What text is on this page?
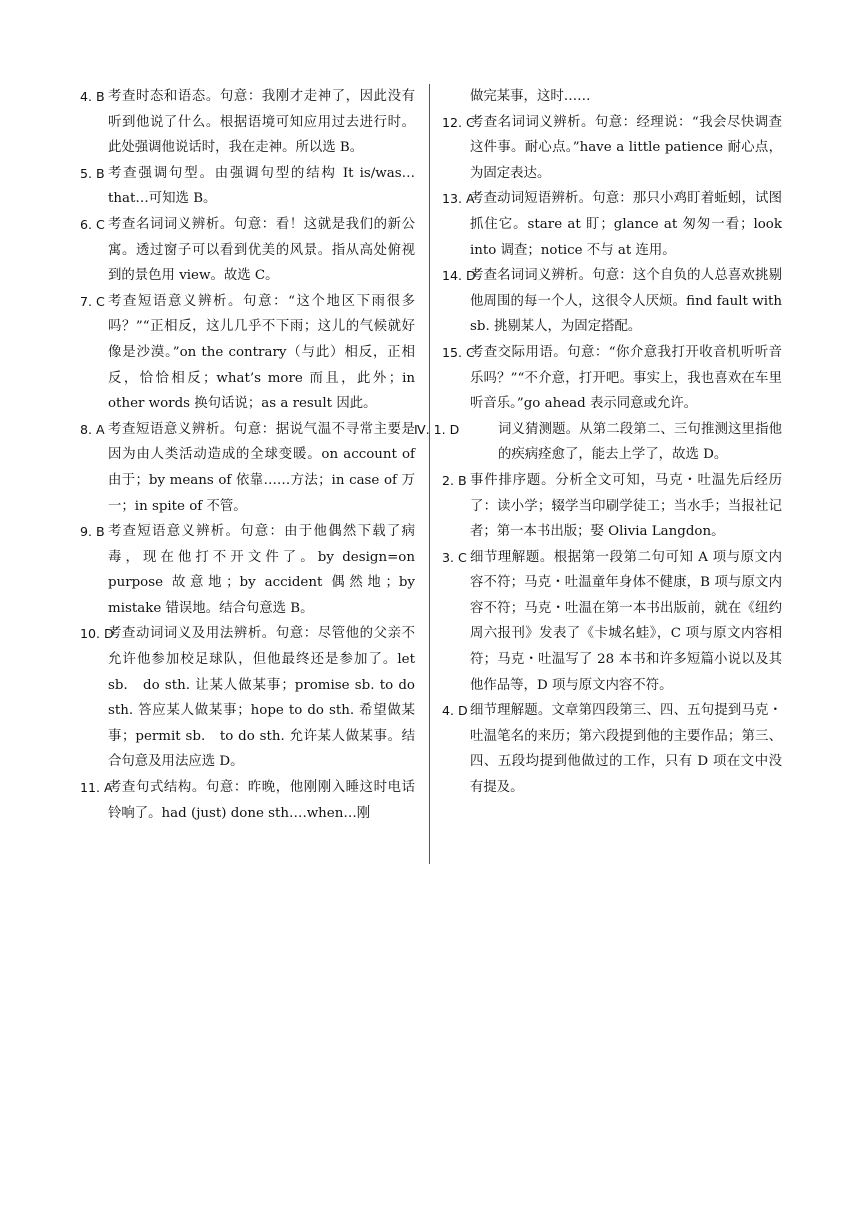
4. B 考查时态和语态。句意：我刚才走神了，因此没有听到他说了什么。根据语境可知应用过去进行时。此处强调他说话时，我在走神。所以选 B。
5. B 考查强调句型。由强调句型的结构 It is/was…that…可知选 B。
6. C 考查名词词义辨析。句意：看！这就是我们的新公寓。透过窗子可以看到优美的风景。指从高处俯视到的景色用 view。故选 C。
7. C 考查短语意义辨析。句意：“这个地区下雨很多吗？”“正相反，这儿几乎不下雨；这儿的气候就好像是沙漠。”on the contrary（与此）相反，正相反，恰恰相反；what’s more 而且，此外；in other words 换句话说；as a result 因此。
8. A 考查短语意义辨析。句意：据说气温不寻常主要是因为由人类活动造成的全球变暖。on account of 由于；by means of 依靠……方法；in case of 万一；in spite of 不管。
9. B 考查短语意义辨析。句意：由于他偶然下载了病毒，现在他打不开文件了。by design=on purpose 故意地；by accident 偶然地；by mistake 错误地。结合句意选 B。
10. D
考查动词词义及用法辨析。句意：尽管他的父亲不允许他参加校足球队，但他最终还是参加了。let sb.　do sth. 让某人做某事；promise sb. to do sth. 答应某人做某事；hope to do sth. 希望做某事；permit sb.　to do sth. 允许某人做某事。结合句意及用法应选 D。
11. A
考查句式结构。句意：昨晚，他刚刚入睡这时电话铃响了。had (just) done sth….when…刚
做完某事，这时……
12. C
考查名词词义辨析。句意：经理说：“我会尽快调查这件事。耐心点。”have a little patience 耐心点，为固定表达。
13. A
考查动词短语辨析。句意：那只小鸡盯着蚯蚓，试图抓住它。stare at 盯；glance at 匆匆一看；look into 调查；notice 不与 at 连用。
14. D
考查名词词义辨析。句意：这个自负的人总喜欢挑剔他周围的每一个人，这很令人厌烦。find fault with sb. 挑剔某人，为固定搭配。
15. C
考查交际用语。句意：“你介意我打开收音机听听音乐吗？”“不介意，打开吧。事实上，我也喜欢在车里听音乐。”go ahead 表示同意或允许。
Ⅳ. 1. D	词义猜测题。从第二段第二、三句推测这里指他的疾病痊愈了，能去上学了，故选 D。
2. B 事件排序题。分析全文可知，马克・吐温先后经历了：读小学；辍学当印刷学徒工；当水手；当报社记者；第一本书出版；娶 Olivia Langdon。
3. C 细节理解题。根据第一段第二句可知 A 项与原文内容不符；马克・吐温童年身体不健康，B 项与原文内容不符；马克・吐温在第一本书出版前，就在《纽约周六报刊》发表了《卡城名蛙》，C 项与原文内容相符；马克・吐温写了 28 本书和许多短篇小说以及其他作品等，D 项与原文内容不符。
4. D 细节理解题。文章第四段第三、四、五句提到马克・吐温笔名的来历；第六段提到他的主要作品；第三、四、五段均提到他做过的工作，只有 D 项在文中没有提及。
